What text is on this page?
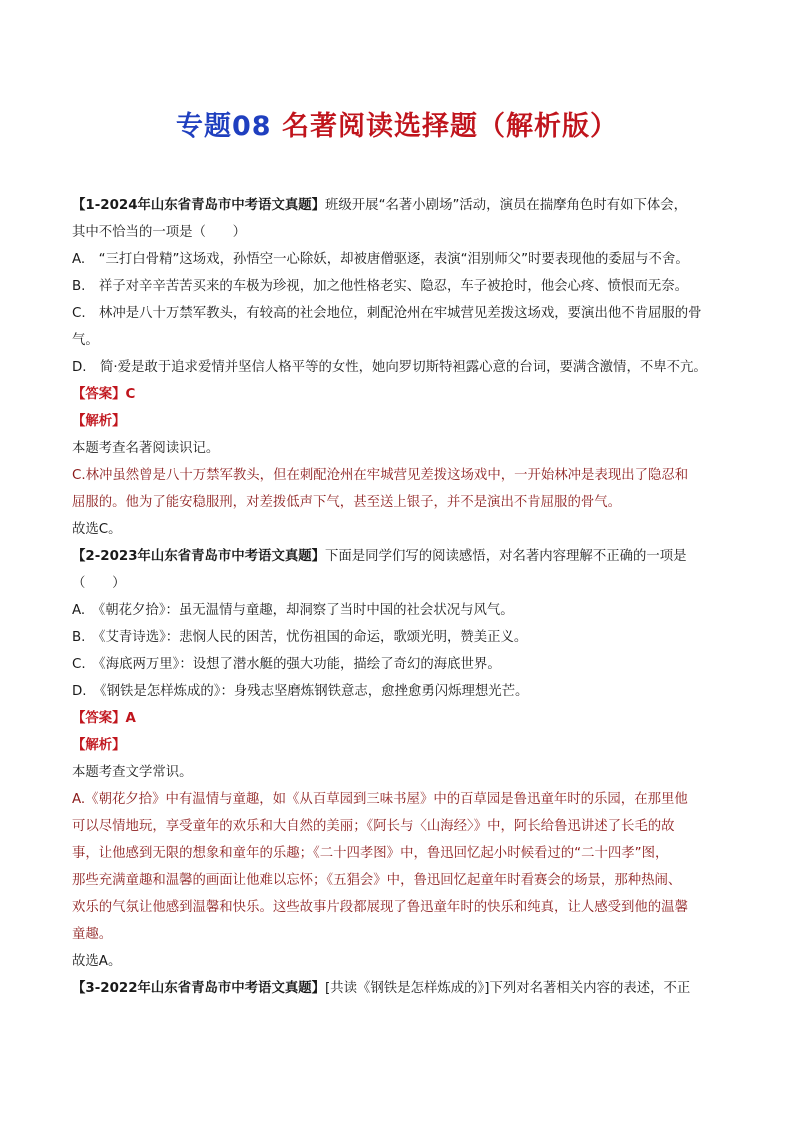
专题08 名著阅读选择题（解析版）
【1-2024年山东省青岛市中考语文真题】班级开展“名著小剧场”活动，演员在揣摩角色时有如下体会，
其中不恰当的一项是（　　）
A.　“三打白骨精”这场戏，孙悟空一心除妖，却被唐僧驱逐，表演“泪别师父”时要表现他的委屈与不舍。
B.　祥子对辛辛苦苦买来的车极为珍视，加之他性格老实、隐忍，车子被抢时，他会心疼、愤恨而无奈。
C.　林冲是八十万禁军教头，有较高的社会地位，刺配沧州在牢城营见差拨这场戏，要演出他不肯屈服的骨
气。
D.　简·爱是敢于追求爱情并坚信人格平等的女性，她向罗切斯特袒露心意的台词，要满含激情，不卑不亢。
【答案】C
【解析】
本题考查名著阅读识记。
C.林冲虽然曾是八十万禁军教头，但在刺配沧州在牢城营见差拨这场戏中，一开始林冲是表现出了隐忍和
屈服的。他为了能安稳服刑，对差拨低声下气，甚至送上银子，并不是演出不肯屈服的骨气。
故选C。
【2-2023年山东省青岛市中考语文真题】下面是同学们写的阅读感悟，对名著内容理解不正确的一项是
（　　）
A.　《朝花夕拾》：虽无温情与童趣，却洞察了当时中国的社会状况与风气。
B.　《艾青诗选》：悲悯人民的困苦，忧伤祖国的命运，歌颂光明，赞美正义。
C.　《海底两万里》：设想了潜水艇的强大功能，描绘了奇幻的海底世界。
D.　《钢铁是怎样炼成的》：身残志坚磨炼钢铁意志，愈挫愈勇闪烁理想光芒。
【答案】A
【解析】
本题考查文学常识。
A.《朝花夕拾》中有温情与童趣，如《从百草园到三味书屋》中的百草园是鲁迅童年时的乐园，在那里他
可以尽情地玩，享受童年的欢乐和大自然的美丽；《阿长与〈山海经〉》中，阿长给鲁迅讲述了长毛的故
事，让他感到无限的想象和童年的乐趣；《二十四孝图》中，鲁迅回忆起小时候看过的“二十四孝”图，
那些充满童趣和温馨的画面让他难以忘怀；《五猖会》中，鲁迅回忆起童年时看赛会的场景，那种热闹、
欢乐的气氛让他感到温馨和快乐。这些故事片段都展现了鲁迅童年时的快乐和纯真，让人感受到他的温馨
童趣。
故选A。
【3-2022年山东省青岛市中考语文真题】[共读《钢铁是怎样炼成的》]下列对名著相关内容的表述，不正
